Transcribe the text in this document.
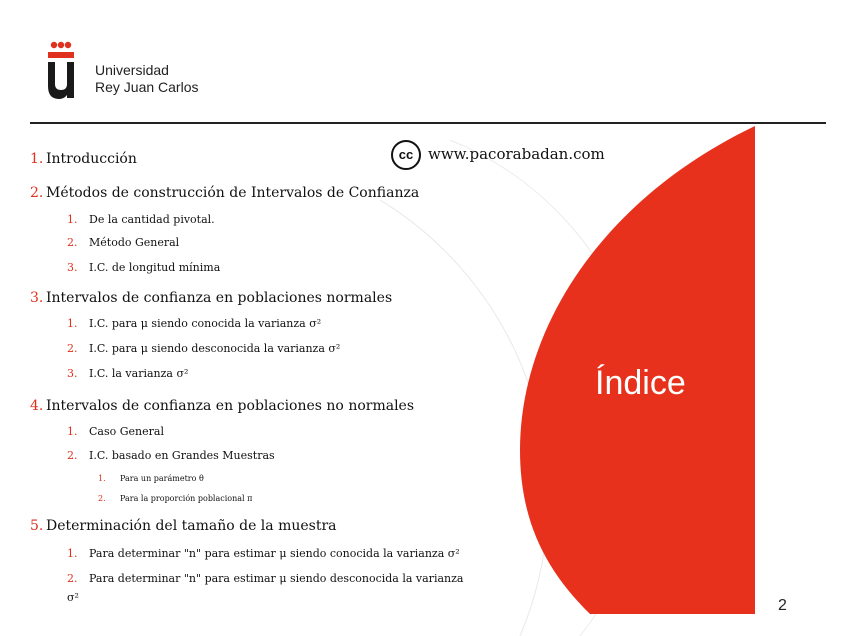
Universidad
Rey Juan Carlos
cc www.pacorabadan.com
1. Introducción
2. Métodos de construcción de Intervalos de Confianza
1. De la cantidad pivotal.
2. Método General
3. I.C. de longitud mínima
3. Intervalos de confianza en poblaciones normales
1. I.C. para μ siendo conocida la varianza σ²
2. I.C. para μ siendo desconocida la varianza σ²
3. I.C. la varianza σ²
4. Intervalos de confianza en poblaciones no normales
1. Caso General
2. I.C. basado en Grandes Muestras
1. Para un parámetro θ
2. Para la proporción poblacional π
5. Determinación del tamaño de la muestra
1. Para determinar "n" para estimar μ siendo conocida la varianza σ²
2. Para determinar "n" para estimar μ siendo desconocida la varianza
σ²
Índice
2
